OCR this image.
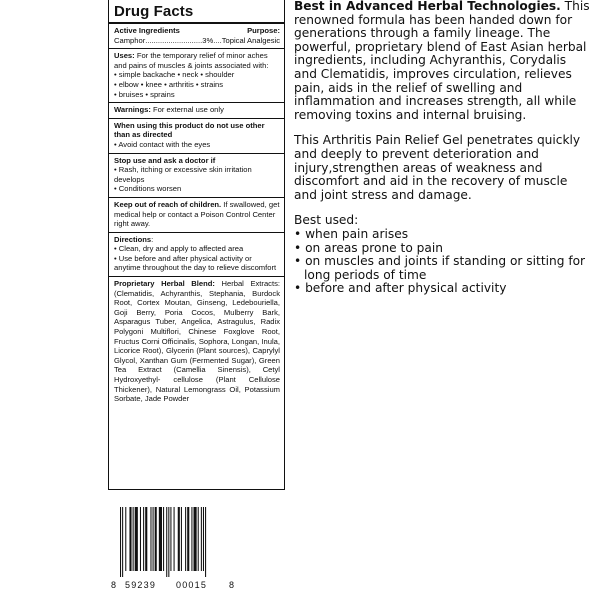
Drug Facts
Active Ingredients	Purpose:
Camphor ........................... 3% .... Topical Analgesic
Uses: For the temporary relief of minor aches and pains of muscles & joints associated with:
• simple backache • neck • shoulder
• elbow • knee • arthritis • strains
• bruises • sprains
Warnings: For external use only
When using this product do not use other than as directed
• Avoid contact with the eyes
Stop use and ask a doctor if
• Rash, itching or excessive skin irritation develops
• Conditions worsen
Keep out of reach of children. If swallowed, get medical help or contact a Poison Control Center right away.
Directions:
• Clean, dry and apply to affected area
• Use before and after physical activity or anytime throughout the day to relieve discomfort
Proprietary Herbal Blend: Herbal Extracts: (Clematidis, Achyranthis, Stephania, Burdock Root, Cortex Moutan, Ginseng, Ledebouriella, Goji Berry, Poria Cocos, Mulberry Bark, Asparagus Tuber, Angelica, Astragulus, Radix Polygoni Multiflori, Chinese Foxglove Root, Fructus Corni Officinalis, Sophora, Longan, Inula, Licorice Root), Glycerin (Plant sources), Caprylyl Glycol, Xanthan Gum (Fermented Sugar), Green Tea Extract (Camellia Sinensis), Cetyl Hydroxyethyl- cellulose (Plant Cellulose Thickener), Natural Lemongrass Oil, Potassium Sorbate, Jade Powder

Best in Advanced Herbal Technologies. This renowned formula has been handed down for generations through a family lineage. The powerful, proprietary blend of East Asian herbal ingredients, including Achyranthis, Corydalis and Clematidis, improves circulation, relieves pain, aids in the relief of swelling and inflammation and increases strength, all while removing toxins and internal bruising.

This Arthritis Pain Relief Gel penetrates quickly and deeply to prevent deterioration and injury,strengthen areas of weakness and discomfort and aid in the recovery of muscle and joint stress and damage.

Best used:
• when pain arises
• on areas prone to pain
• on muscles and joints if standing or sitting for long periods of time
• before and after physical activity
8 59239 00015 8
